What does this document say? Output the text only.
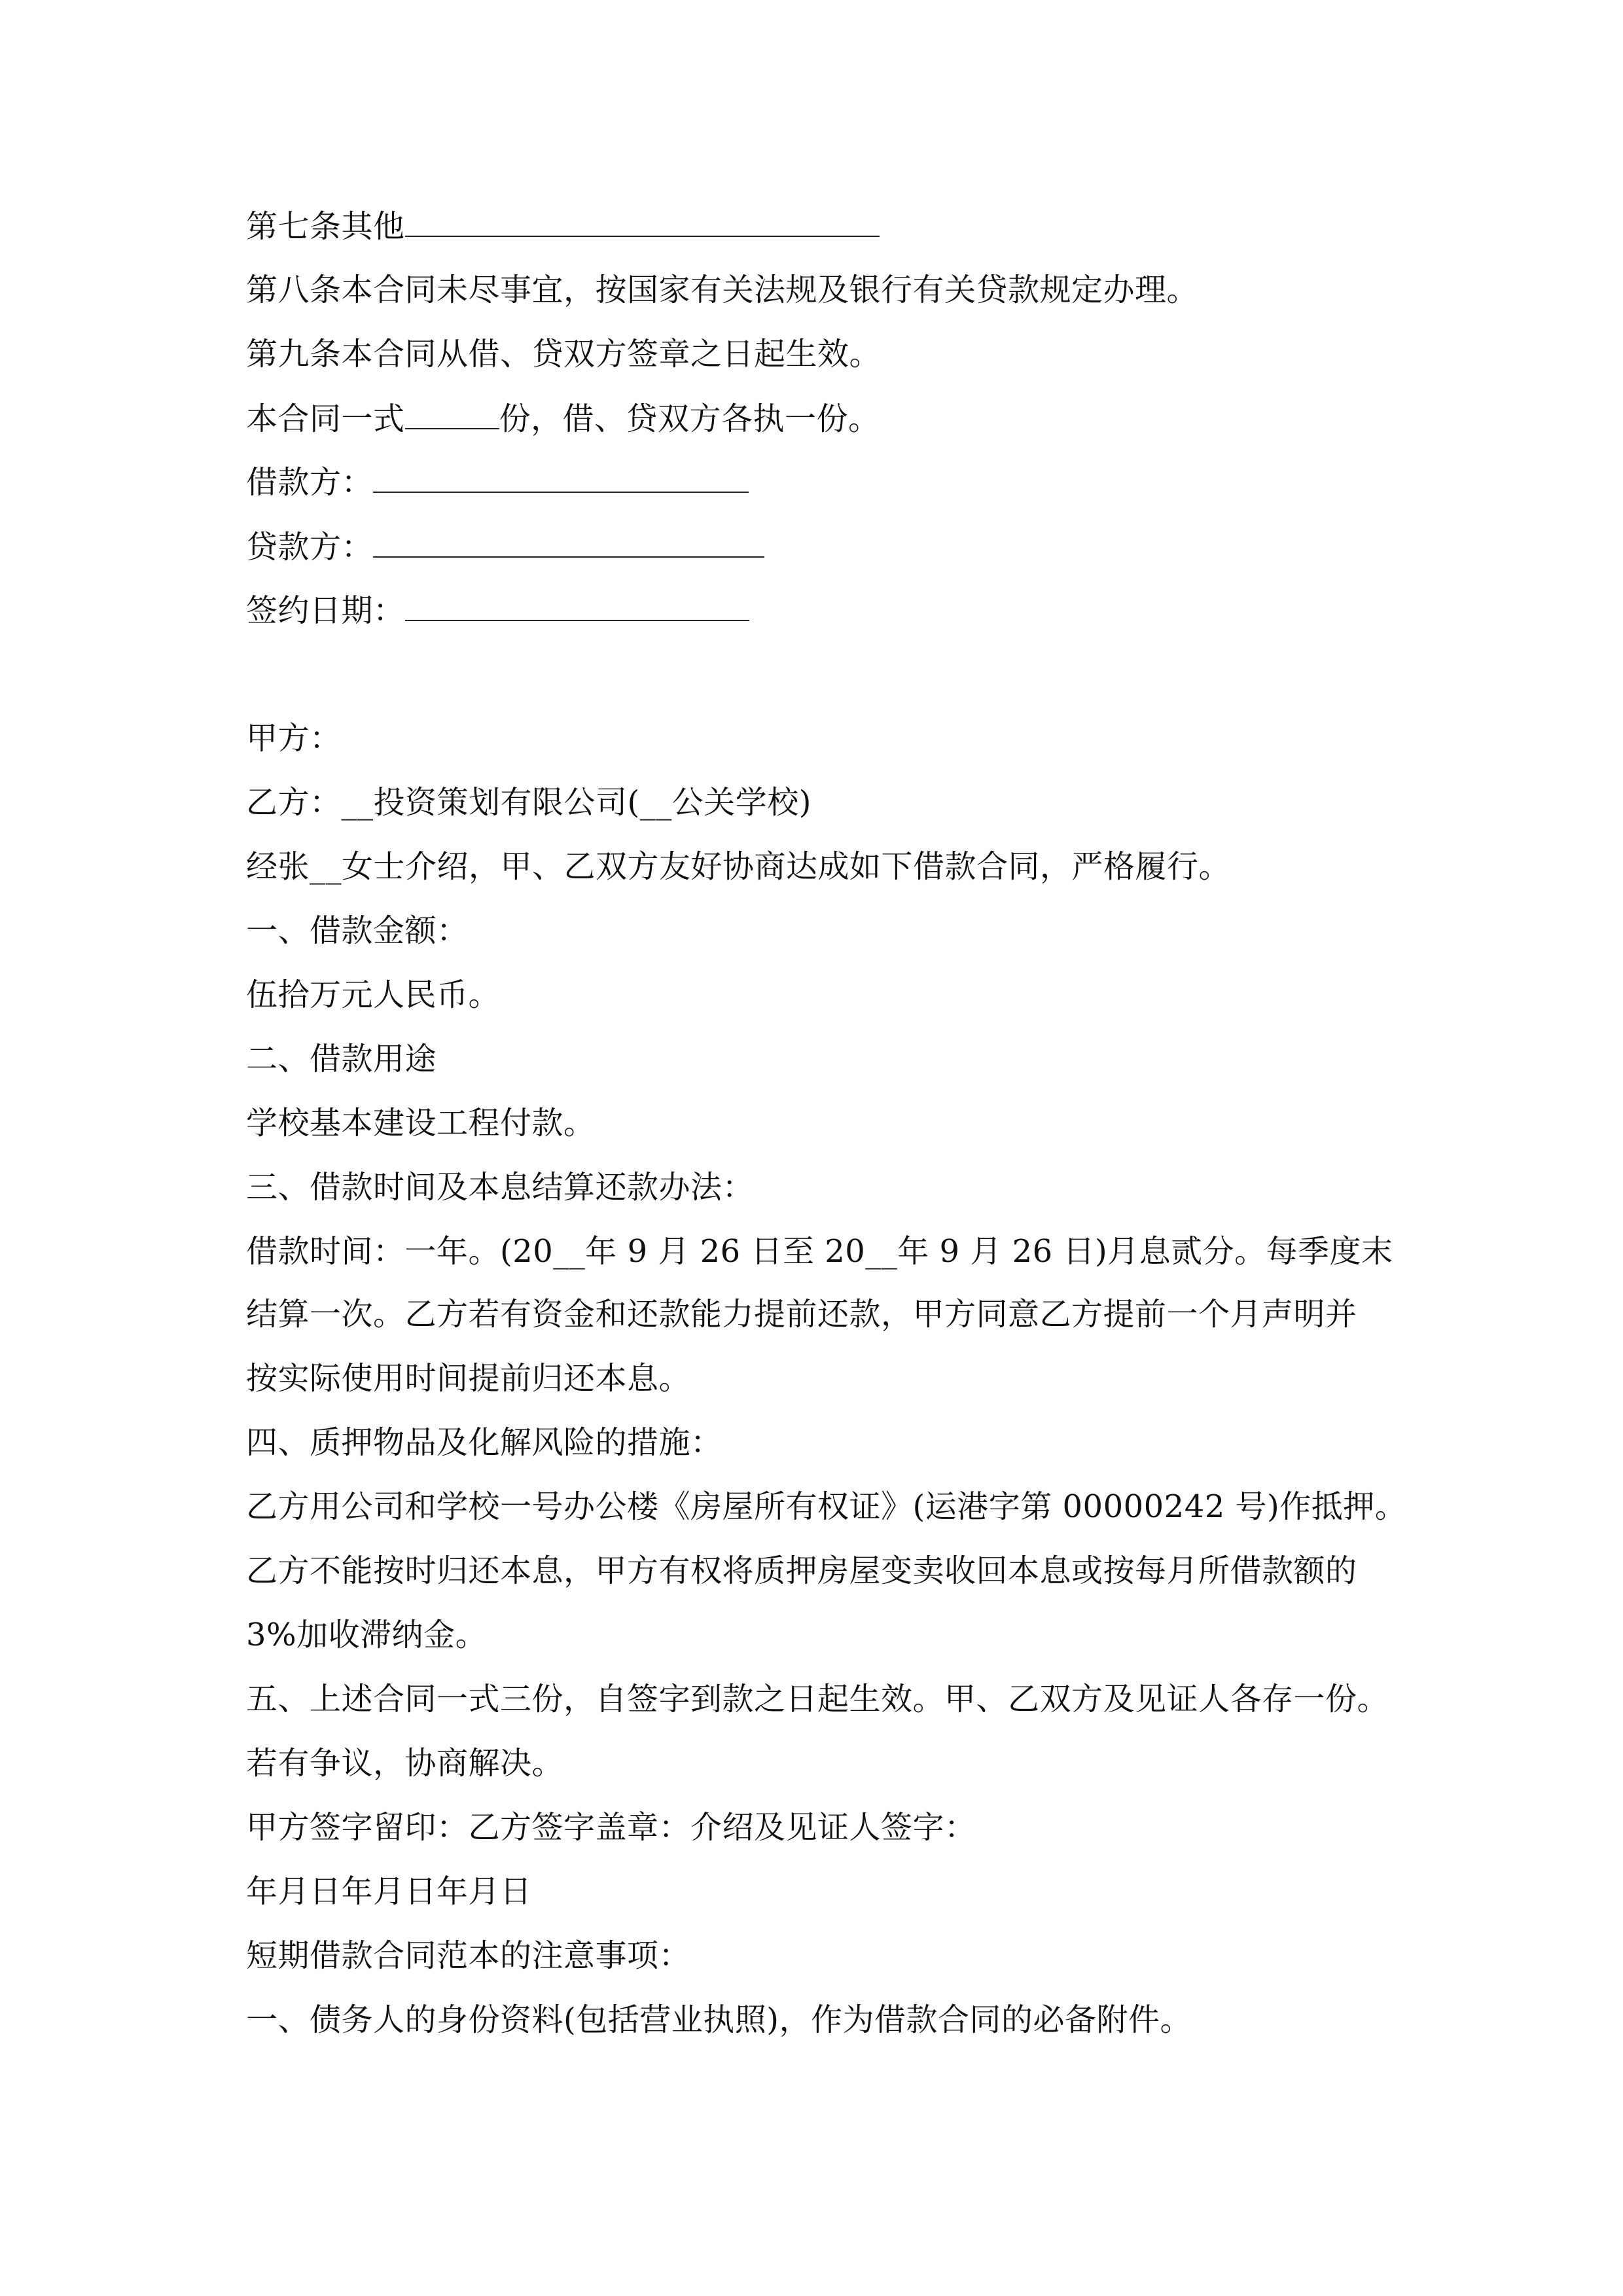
第七条其他
第八条本合同未尽事宜，按国家有关法规及银行有关贷款规定办理。
第九条本合同从借、贷双方签章之日起生效。
本合同一式	份，借、贷双方各执一份。
借款方：
贷款方：
签约日期：
甲方：
乙方：__投资策划有限公司(__公关学校)
经张__女士介绍，甲、乙双方友好协商达成如下借款合同，严格履行。
一、借款金额：
伍拾万元人民币。
二、借款用途
学校基本建设工程付款。
三、借款时间及本息结算还款办法：
借款时间：一年。(20__年 9 月 26 日至 20__年 9 月 26 日)月息贰分。每季度末
结算一次。乙方若有资金和还款能力提前还款，甲方同意乙方提前一个月声明并
按实际使用时间提前归还本息。
四、质押物品及化解风险的措施：
乙方用公司和学校一号办公楼《房屋所有权证》(运港字第 00000242 号)作抵押。
乙方不能按时归还本息，甲方有权将质押房屋变卖收回本息或按每月所借款额的
3%加收滞纳金。
五、上述合同一式三份，自签字到款之日起生效。甲、乙双方及见证人各存一份。
若有争议，协商解决。
甲方签字留印：乙方签字盖章：介绍及见证人签字：
年月日年月日年月日
短期借款合同范本的注意事项：
一、债务人的身份资料(包括营业执照)，作为借款合同的必备附件。
